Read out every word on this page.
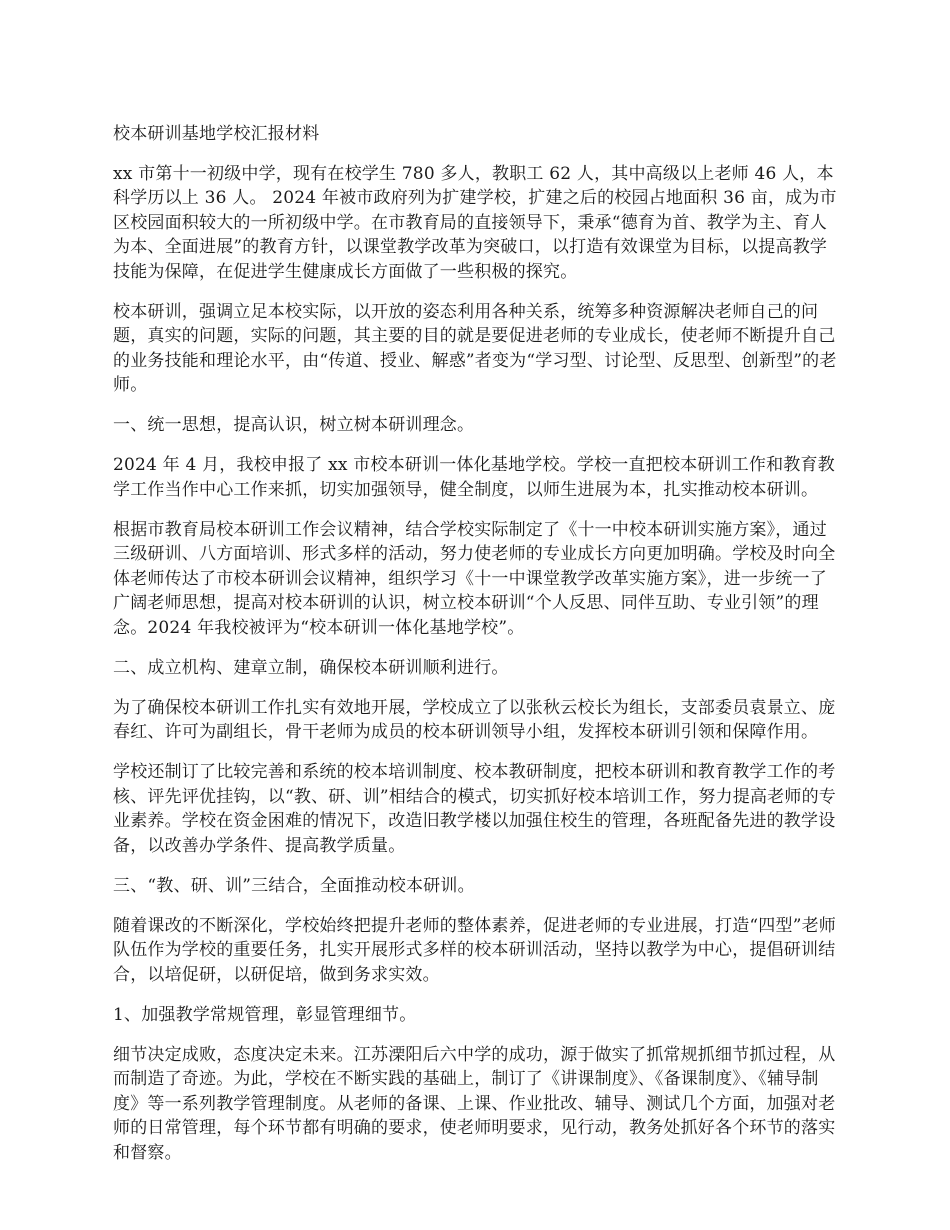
校本研训基地学校汇报材料

xx 市第十一初级中学，现有在校学生 780 多人，教职工 62 人，其中高级以上老师 46 人，本科学历以上 36 人。 2024 年被市政府列为扩建学校，扩建之后的校园占地面积 36 亩，成为市区校园面积较大的一所初级中学。在市教育局的直接领导下，秉承“德育为首、教学为主、育人为本、全面进展”的教育方针，以课堂教学改革为突破口，以打造有效课堂为目标，以提高教学技能为保障，在促进学生健康成长方面做了一些积极的探究。

校本研训，强调立足本校实际，以开放的姿态利用各种关系，统筹多种资源解决老师自己的问题，真实的问题，实际的问题，其主要的目的就是要促进老师的专业成长，使老师不断提升自己的业务技能和理论水平，由“传道、授业、解惑”者变为“学习型、讨论型、反思型、创新型”的老师。

一、统一思想，提高认识，树立树本研训理念。

2024 年 4 月，我校申报了 xx 市校本研训一体化基地学校。学校一直把校本研训工作和教育教学工作当作中心工作来抓，切实加强领导，健全制度，以师生进展为本，扎实推动校本研训。

根据市教育局校本研训工作会议精神，结合学校实际制定了《十一中校本研训实施方案》，通过三级研训、八方面培训、形式多样的活动，努力使老师的专业成长方向更加明确。学校及时向全体老师传达了市校本研训会议精神，组织学习《十一中课堂教学改革实施方案》，进一步统一了广阔老师思想，提高对校本研训的认识，树立校本研训“个人反思、同伴互助、专业引领”的理念。2024 年我校被评为“校本研训一体化基地学校”。

二、成立机构、建章立制，确保校本研训顺利进行。

为了确保校本研训工作扎实有效地开展，学校成立了以张秋云校长为组长，支部委员袁景立、庞春红、许可为副组长，骨干老师为成员的校本研训领导小组，发挥校本研训引领和保障作用。

学校还制订了比较完善和系统的校本培训制度、校本教研制度，把校本研训和教育教学工作的考核、评先评优挂钩，以“教、研、训”相结合的模式，切实抓好校本培训工作，努力提高老师的专业素养。学校在资金困难的情况下，改造旧教学楼以加强住校生的管理，各班配备先进的教学设备，以改善办学条件、提高教学质量。

三、“教、研、训”三结合，全面推动校本研训。

随着课改的不断深化，学校始终把提升老师的整体素养，促进老师的专业进展，打造“四型”老师队伍作为学校的重要任务，扎实开展形式多样的校本研训活动，坚持以教学为中心，提倡研训结合，以培促研，以研促培，做到务求实效。

1、加强教学常规管理，彰显管理细节。

细节决定成败，态度决定未来。江苏溧阳后六中学的成功，源于做实了抓常规抓细节抓过程，从而制造了奇迹。为此，学校在不断实践的基础上，制订了《讲课制度》、《备课制度》、《辅导制度》等一系列教学管理制度。从老师的备课、上课、作业批改、辅导、测试几个方面，加强对老师的日常管理，每个环节都有明确的要求，使老师明要求，见行动，教务处抓好各个环节的落实和督察。
